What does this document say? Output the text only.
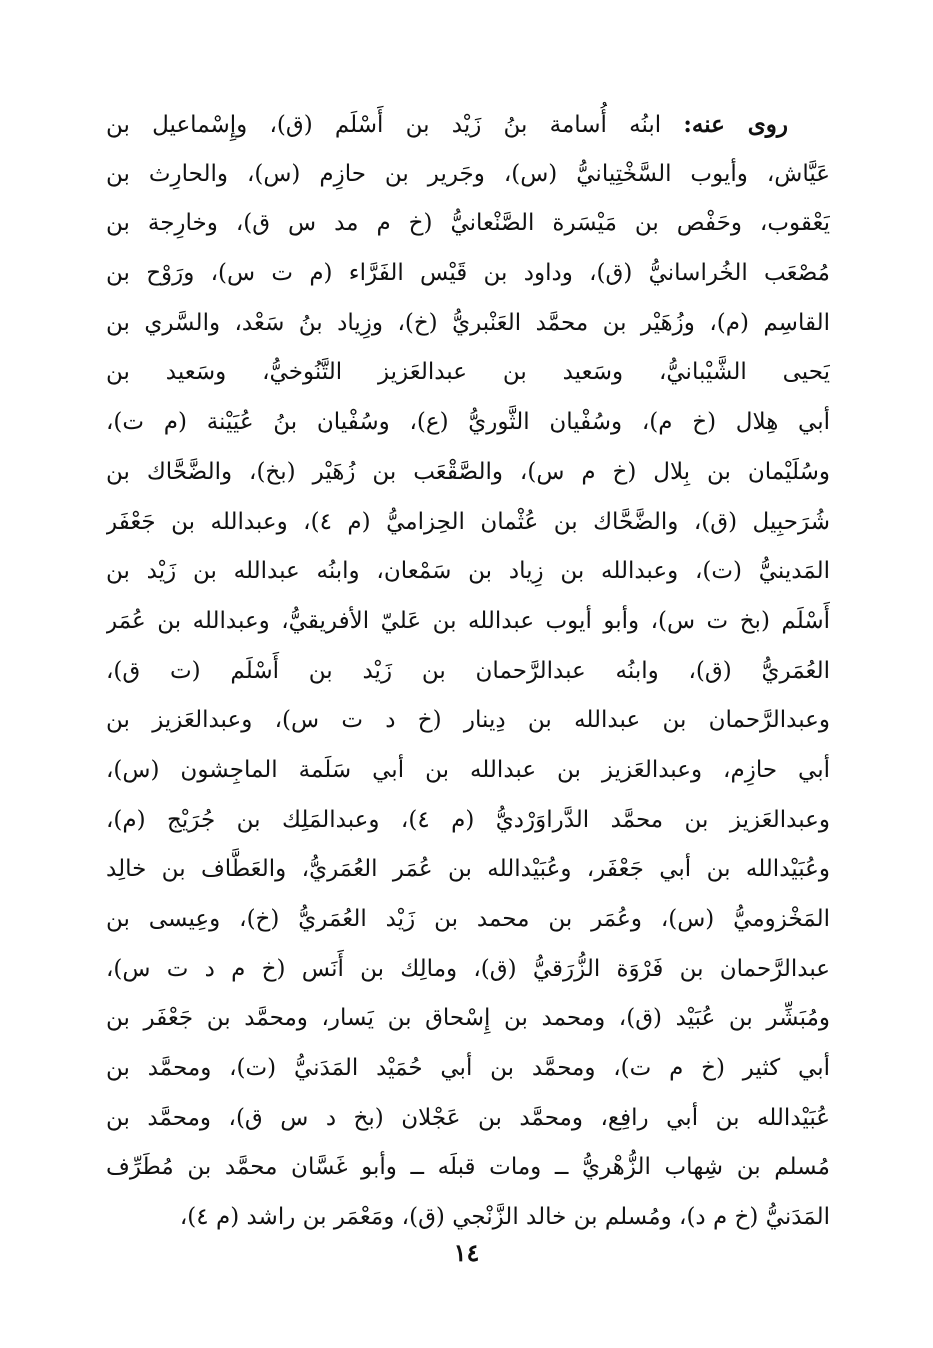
روى عنه: ابنُه أُسامة بنُ زَيْد بن أَسْلَم (ق)، وإِسْماعيل بن
عَيَّاش، وأيوب السَّخْتِيانيُّ (س)، وجَرير بن حازِم (س)، والحارِث بن
يَعْقوب، وحَفْص بن مَيْسَرة الصَّنْعانيُّ (خ م مد س ق)، وخارِجة بن
مُصْعَب الخُراسانيُّ (ق)، وداود بن قَيْس الفَرَّاء (م ت س)، ورَوْح بن
القاسِم (م)، وزُهَيْر بن محمَّد العَنْبريُّ (خ)، وزِياد بنُ سَعْد، والسَّري بن
يَحيى الشَّيْبانيُّ، وسَعيد بن عبدالعَزيز التَّنُوخيُّ، وسَعيد بن
أبي هِلال (خ م)، وسُفْيان الثَّوريُّ (ع)، وسُفْيان بنُ عُيَيْنة (م ت)،
وسُلَيْمان بن بِلال (خ م س)، والصَّقْعَب بن زُهَيْر (بخ)، والضَّحَّاك بن
شُرَحبِيل (ق)، والضَّحَّاك بن عُثْمان الحِزاميُّ (م ٤)، وعبدالله بن جَعْفَر
المَدينيُّ (ت)، وعبدالله بن زِياد بن سَمْعان، وابنُه عبدالله بن زَيْد بن
أَسْلَم (بخ ت س)، وأبو أيوب عبدالله بن عَليّ الأفريقيُّ، وعبدالله بن عُمَر
العُمَريُّ (ق)، وابنُه عبدالرَّحمان بن زَيْد بن أَسْلَم (ت ق)،
وعبدالرَّحمان بن عبدالله بن دِينار (خ د ت س)، وعبدالعَزيز بن
أبي حازِم، وعبدالعَزيز بن عبدالله بن أبي سَلَمة الماجِشون (س)،
وعبدالعَزيز بن محمَّد الدَّراوَرْديُّ (م ٤)، وعبدالمَلِك بن جُرَيْج (م)،
وعُبَيْدالله بن أبي جَعْفَر، وعُبَيْدالله بن عُمَر العُمَريُّ، والعَطَّاف بن خالِد
المَخْزوميُّ (س)، وعُمَر بن محمد بن زَيْد العُمَريُّ (خ)، وعِيسى بن
عبدالرَّحمان بن فَرْوَة الزُّرَقيُّ (ق)، ومالِك بن أَنَس (خ م د ت س)،
ومُبَشِّر بن عُبَيْد (ق)، ومحمد بن إِسْحاق بن يَسار، ومحمَّد بن جَعْفَر بن
أبي كثير (خ م ت)، ومحمَّد بن أبي حُمَيْد المَدَنيُّ (ت)، ومحمَّد بن
عُبَيْدالله بن أبي رافِع، ومحمَّد بن عَجْلان (بخ د س ق)، ومحمَّد بن
مُسلم بن شِهاب الزُّهْريُّ ــ ومات قبلَه ــ وأبو غَسَّان محمَّد بن مُطَرِّف
المَدَنيُّ (خ م د)، ومُسلم بن خالد الزَّنْجي (ق)، ومَعْمَر بن راشد (م ٤)،
١٤
